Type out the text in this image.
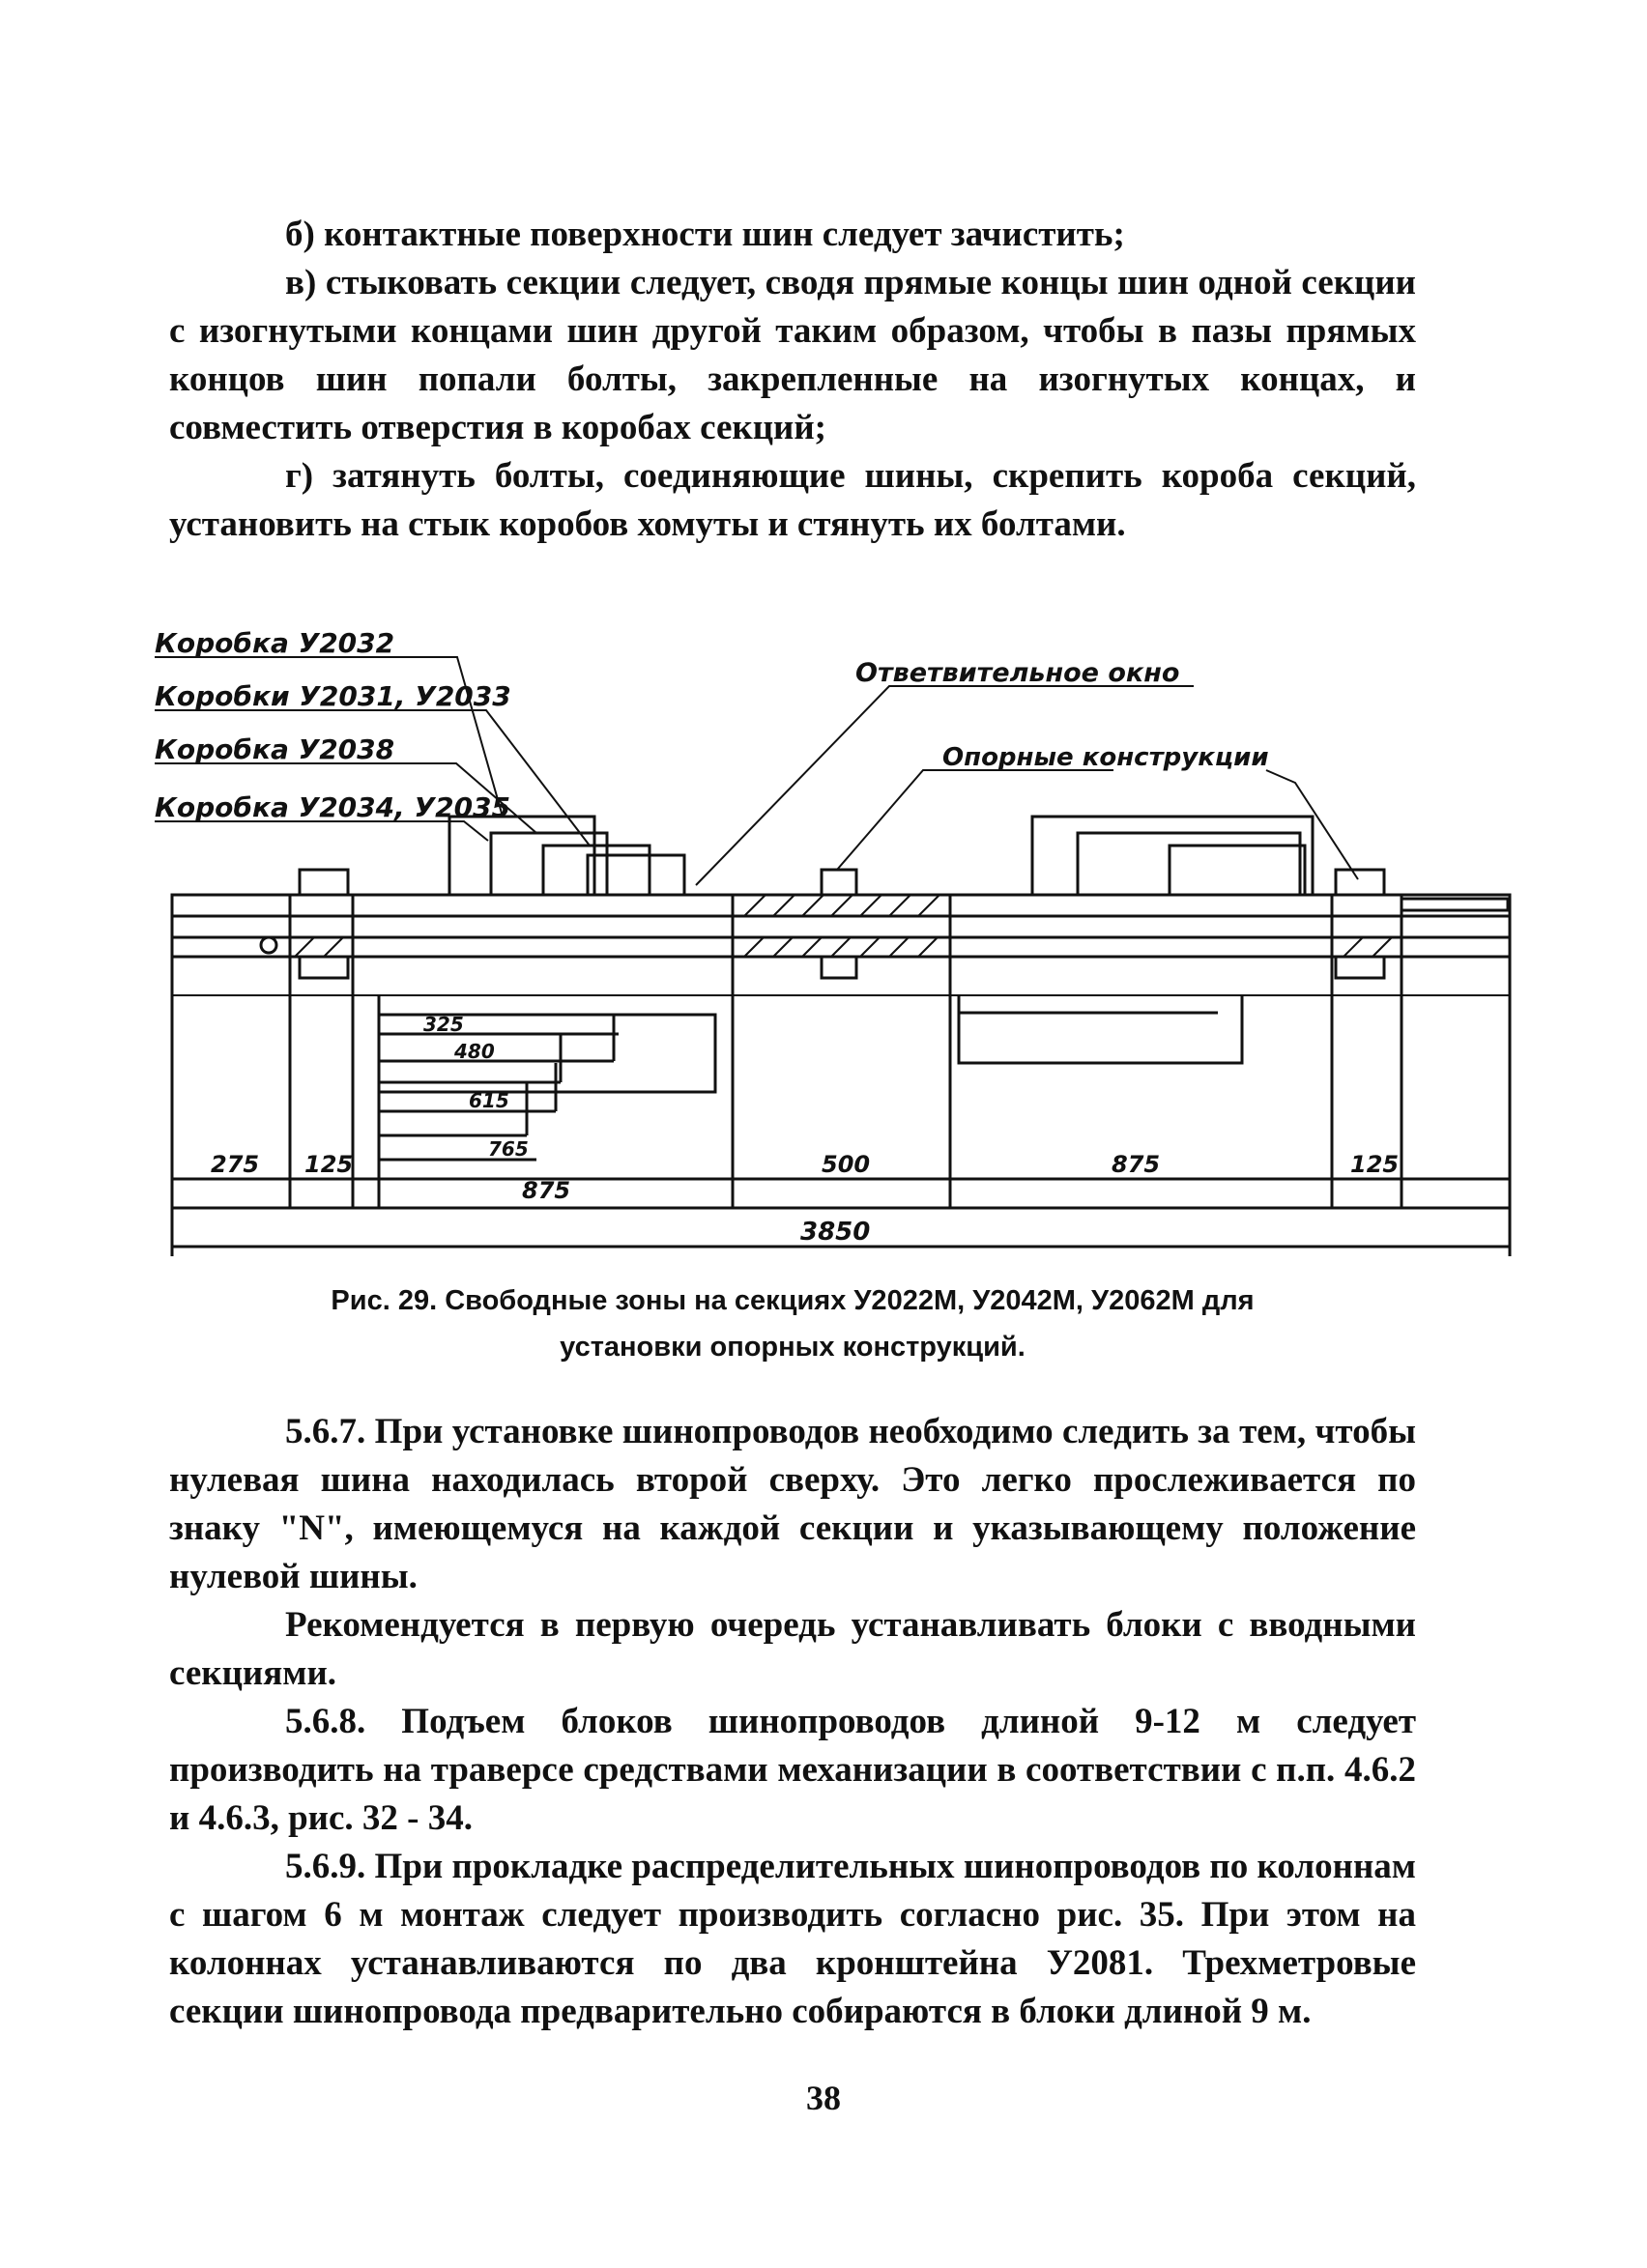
б) контактные поверхности шин следует зачистить;

в) стыковать секции следует, сводя прямые концы шин одной секции с изогнутыми концами шин другой таким образом, чтобы в пазы прямых концов шин попали болты, закрепленные на изогнутых концах, и совместить отверстия в коробах секций;

г) затянуть болты, соединяющие шины, скрепить короба секций, установить на стык коробов хомуты и стянуть их болтами.

Коробка У2032
Коробки У2031, У2033
Коробка У2038
Коробка У2034, У2035
Ответвительное окно
Опорные конструкции
325
480
615
765
275 125
875
500	875	125
3850
Рис. 29. Свободные зоны на секциях У2022М, У2042М, У2062М для
установки опорных конструкций.

5.6.7. При установке шинопроводов необходимо следить за тем, чтобы нулевая шина находилась второй сверху. Это легко прослеживается по знаку "N", имеющемуся на каждой секции и указывающему положение нулевой шины.

Рекомендуется в первую очередь устанавливать блоки с вводными секциями.

5.6.8. Подъем блоков шинопроводов длиной 9-12 м следует производить на траверсе средствами механизации в соответствии с п.п. 4.6.2 и 4.6.3, рис. 32 - 34.

5.6.9. При прокладке распределительных шинопроводов по колоннам с шагом 6 м монтаж следует производить согласно рис. 35. При этом на колоннах устанавливаются по два кронштейна У2081. Трехметровые секции шинопровода предварительно собираются в блоки длиной 9 м.

38
